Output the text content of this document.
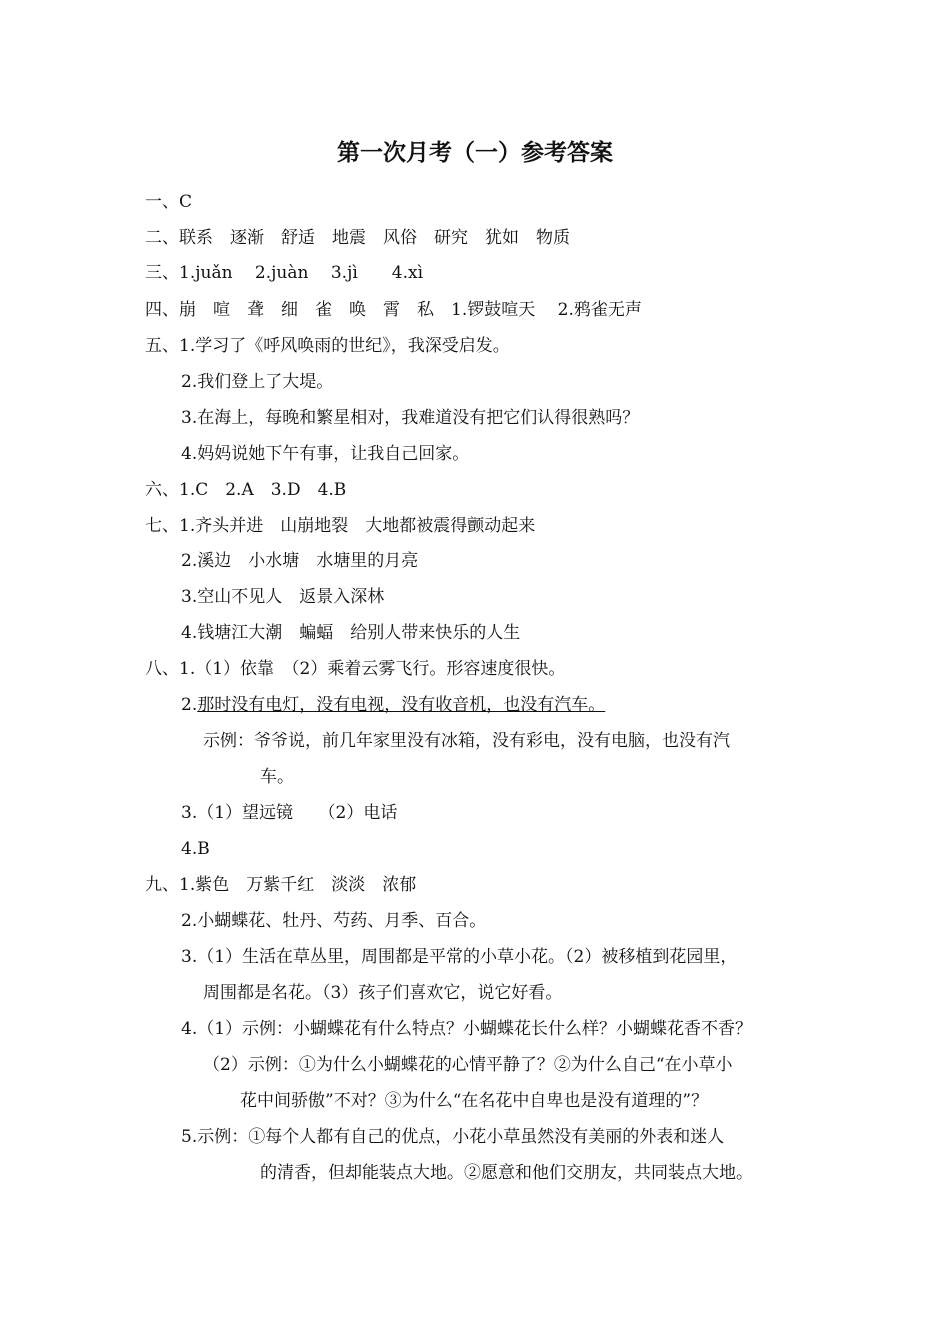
第一次月考（一）参考答案
一、C
二、联系　逐渐　舒适　地震　风俗　研究　犹如　物质
三、1.juǎn　 2.juàn　 3.jì　　4.xì
四、崩　喧　聋　细　雀　唤　霄　私　1.锣鼓喧天　 2.鸦雀无声
五、1.学习了《呼风唤雨的世纪》，我深受启发。
2.我们登上了大堤。
3.在海上，每晚和繁星相对，我难道没有把它们认得很熟吗？
4.妈妈说她下午有事，让我自己回家。
六、1.C　2.A　3.D　4.B
七、1.齐头并进　山崩地裂　大地都被震得颤动起来
2.溪边　小水塘　水塘里的月亮
3.空山不见人　返景入深林
4.钱塘江大潮　蝙蝠　给别人带来快乐的人生
八、1.（1）依靠　（2）乘着云雾飞行。形容速度很快。
2.那时没有电灯，没有电视，没有收音机，也没有汽车。
示例：爷爷说，前几年家里没有冰箱，没有彩电，没有电脑，也没有汽
车。
3.（1）望远镜　　（2）电话
4.B
九、1.紫色　万紫千红　淡淡　浓郁
2.小蝴蝶花、牡丹、芍药、月季、百合。
3.（1）生活在草丛里，周围都是平常的小草小花。（2）被移植到花园里，
周围都是名花。（3）孩子们喜欢它，说它好看。
4.（1）示例：小蝴蝶花有什么特点？小蝴蝶花长什么样？小蝴蝶花香不香？
（2）示例：①为什么小蝴蝶花的心情平静了？②为什么自己“在小草小
花中间骄傲”不对？③为什么“在名花中自卑也是没有道理的”？
5.示例：①每个人都有自己的优点，小花小草虽然没有美丽的外表和迷人
的清香，但却能装点大地。②愿意和他们交朋友，共同装点大地。
